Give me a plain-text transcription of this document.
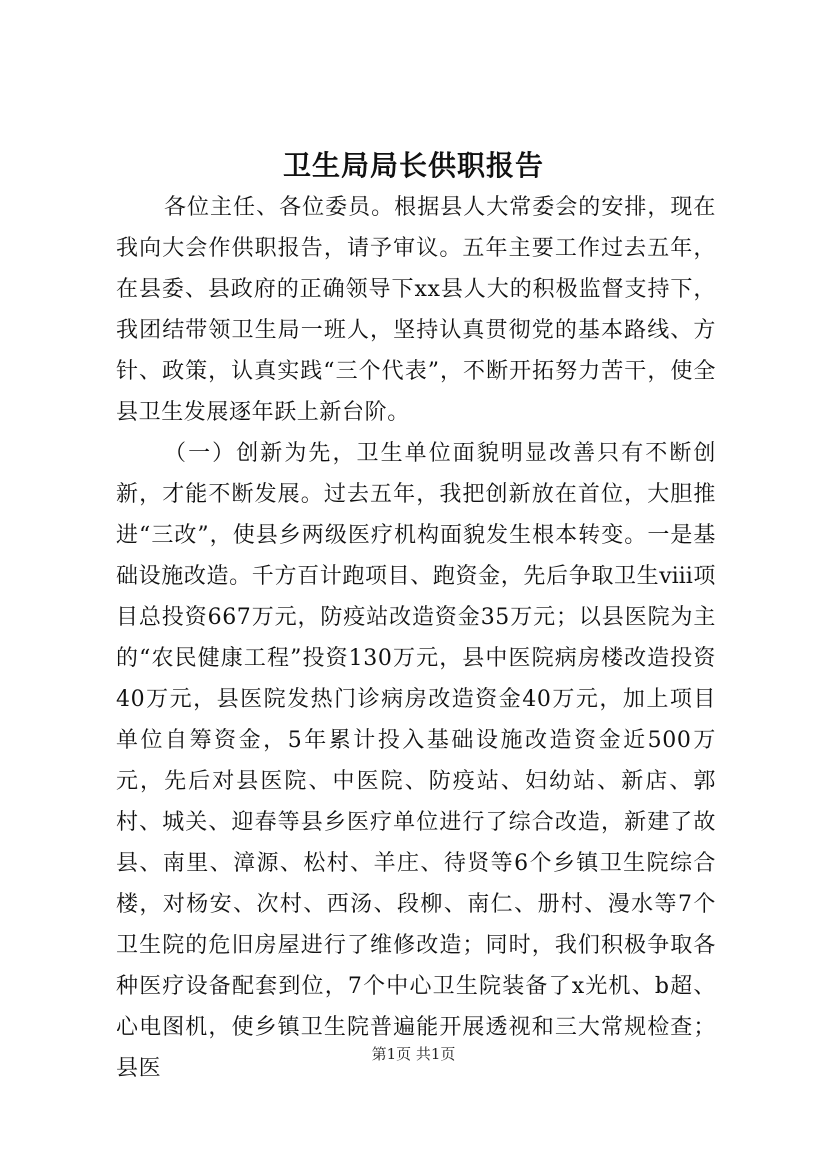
卫生局局长供职报告

各位主任、各位委员。根据县人大常委会的安排，现在我向大会作供职报告，请予审议。五年主要工作过去五年，在县委、县政府的正确领导下xx县人大的积极监督支持下，我团结带领卫生局一班人，坚持认真贯彻党的基本路线、方针、政策，认真实践“三个代表”，不断开拓努力苦干，使全县卫生发展逐年跃上新台阶。

（一）创新为先，卫生单位面貌明显改善只有不断创新，才能不断发展。过去五年，我把创新放在首位，大胆推进“三改”，使县乡两级医疗机构面貌发生根本转变。一是基础设施改造。千方百计跑项目、跑资金，先后争取卫生ⅷ项目总投资667万元，防疫站改造资金35万元；以县医院为主的“农民健康工程”投资130万元，县中医院病房楼改造投资40万元，县医院发热门诊病房改造资金40万元，加上项目单位自筹资金，5年累计投入基础设施改造资金近500万元，先后对县医院、中医院、防疫站、妇幼站、新店、郭村、城关、迎春等县乡医疗单位进行了综合改造，新建了故县、南里、漳源、松村、羊庄、待贤等6个乡镇卫生院综合楼，对杨安、次村、西汤、段柳、南仁、册村、漫水等7个卫生院的危旧房屋进行了维修改造；同时，我们积极争取各种医疗设备配套到位，7个中心卫生院装备了x光机、b超、心电图机，使乡镇卫生院普遍能开展透视和三大常规检查；县医

第1页 共1页
